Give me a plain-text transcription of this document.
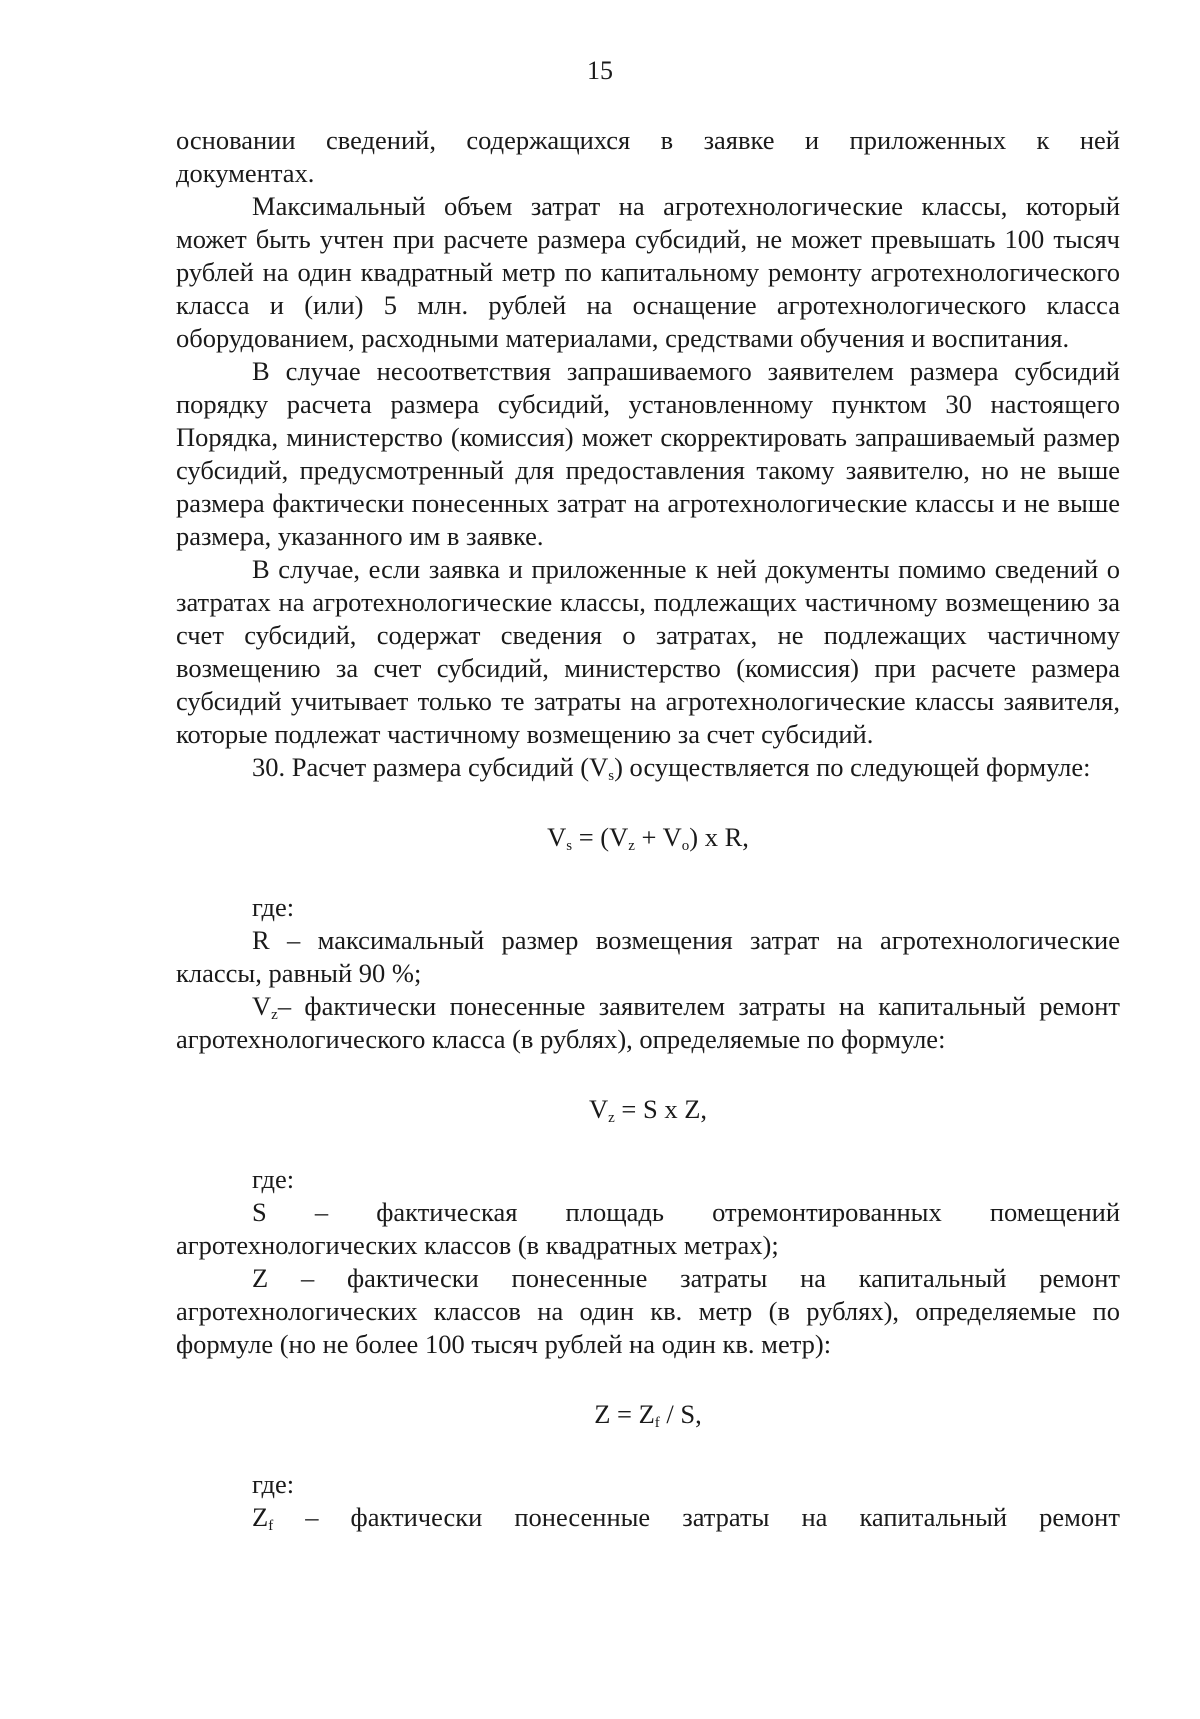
15

основании сведений, содержащихся в заявке и приложенных к ней

документах.

Максимальный объем затрат на агротехнологические классы, который может быть учтен при расчете размера субсидий, не может превышать 100 тысяч рублей на один квадратный метр по капитальному ремонту агротехнологического класса и (или) 5 млн. рублей на оснащение агротехнологического класса оборудованием, расходными материалами, средствами обучения и воспитания.

В случае несоответствия запрашиваемого заявителем размера субсидий порядку расчета размера субсидий, установленному пунктом 30 настоящего Порядка, министерство (комиссия) может скорректировать запрашиваемый размер субсидий, предусмотренный для предоставления такому заявителю, но не выше размера фактически понесенных затрат на агротехнологические классы и не выше размера, указанного им в заявке.

В случае, если заявка и приложенные к ней документы помимо сведений о затратах на агротехнологические классы, подлежащих частичному возмещению за счет субсидий, содержат сведения о затратах, не подлежащих частичному возмещению за счет субсидий, министерство (комиссия) при расчете размера субсидий учитывает только те затраты на агротехнологические классы заявителя, которые подлежат частичному возмещению за счет субсидий.

30. Расчет размера субсидий $(V_s)$ осуществляется по следующей формуле:

$V_s = (V_z + V_o)$ x R,

где:

R – максимальный размер возмещения затрат на агротехнологические классы, равный 90 %;

$V_z-$ фактически понесенные заявителем затраты на капитальный ремонт агротехнологического класса (в рублях), определяемые по формуле:

$V_z = S$ x Z,

где:

S – фактическая площадь отремонтированных помещений

агротехнологических классов (в квадратных метрах);

Z – фактически понесенные затраты на капитальный ремонт агротехнологических классов на один кв. метр (в рублях), определяемые по формуле (но не более 100 тысяч рублей на один кв. метр):

$Z = Z_f / S$,

где:

$Z_f$ – фактически понесенные затраты на капитальный ремонт
